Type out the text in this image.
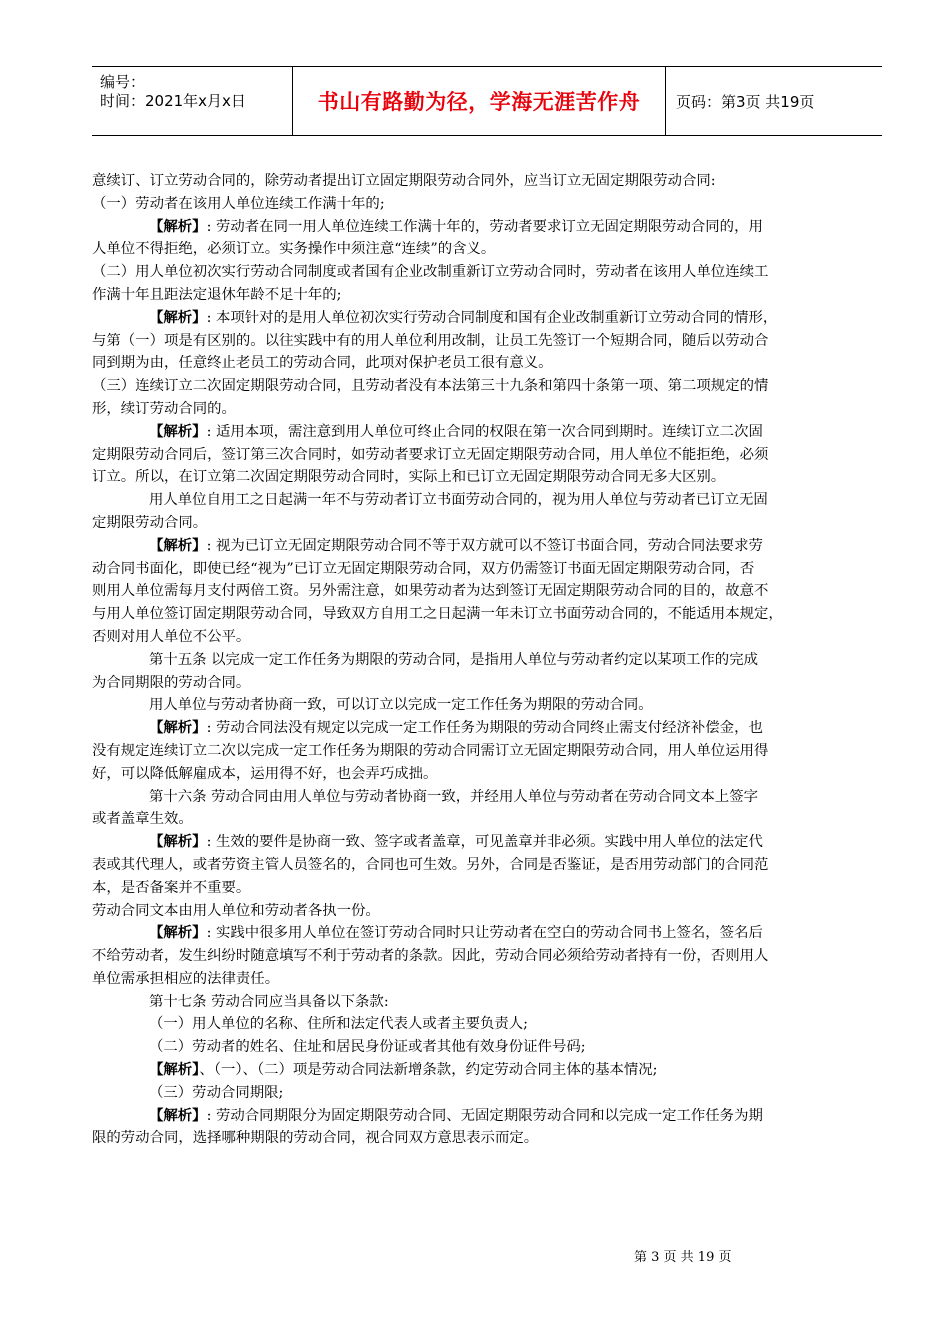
编号：
时间：2021年x月x日	书山有路勤为径，学海无涯苦作舟 页码：第3页 共19页

意续订、订立劳动合同的，除劳动者提出订立固定期限劳动合同外，应当订立无固定期限劳动合同:

（一）劳动者在该用人单位连续工作满十年的;

【解析】: 劳动者在同一用人单位连续工作满十年的，劳动者要求订立无固定期限劳动合同的，用

人单位不得拒绝，必须订立。实务操作中须注意“连续”的含义。

（二）用人单位初次实行劳动合同制度或者国有企业改制重新订立劳动合同时，劳动者在该用人单位连续工

作满十年且距法定退休年龄不足十年的;

【解析】: 本项针对的是用人单位初次实行劳动合同制度和国有企业改制重新订立劳动合同的情形，

与第（一）项是有区别的。以往实践中有的用人单位利用改制，让员工先签订一个短期合同，随后以劳动合

同到期为由，任意终止老员工的劳动合同，此项对保护老员工很有意义。

（三）连续订立二次固定期限劳动合同，且劳动者没有本法第三十九条和第四十条第一项、第二项规定的情

形，续订劳动合同的。

【解析】: 适用本项，需注意到用人单位可终止合同的权限在第一次合同到期时。连续订立二次固

定期限劳动合同后，签订第三次合同时，如劳动者要求订立无固定期限劳动合同，用人单位不能拒绝，必须

订立。所以，在订立第二次固定期限劳动合同时，实际上和已订立无固定期限劳动合同无多大区别。

用人单位自用工之日起满一年不与劳动者订立书面劳动合同的，视为用人单位与劳动者已订立无固

定期限劳动合同。

【解析】: 视为已订立无固定期限劳动合同不等于双方就可以不签订书面合同，劳动合同法要求劳

动合同书面化，即使已经“视为”已订立无固定期限劳动合同，双方仍需签订书面无固定期限劳动合同，否

则用人单位需每月支付两倍工资。另外需注意，如果劳动者为达到签订无固定期限劳动合同的目的，故意不

与用人单位签订固定期限劳动合同，导致双方自用工之日起满一年未订立书面劳动合同的，不能适用本规定，

否则对用人单位不公平。

第十五条 以完成一定工作任务为期限的劳动合同，是指用人单位与劳动者约定以某项工作的完成

为合同期限的劳动合同。

用人单位与劳动者协商一致，可以订立以完成一定工作任务为期限的劳动合同。

【解析】: 劳动合同法没有规定以完成一定工作任务为期限的劳动合同终止需支付经济补偿金，也

没有规定连续订立二次以完成一定工作任务为期限的劳动合同需订立无固定期限劳动合同，用人单位运用得

好，可以降低解雇成本，运用得不好，也会弄巧成拙。

第十六条 劳动合同由用人单位与劳动者协商一致，并经用人单位与劳动者在劳动合同文本上签字

或者盖章生效。

【解析】: 生效的要件是协商一致、签字或者盖章，可见盖章并非必须。实践中用人单位的法定代

表或其代理人，或者劳资主管人员签名的，合同也可生效。另外，合同是否鉴证，是否用劳动部门的合同范

本，是否备案并不重要。

劳动合同文本由用人单位和劳动者各执一份。

【解析】: 实践中很多用人单位在签订劳动合同时只让劳动者在空白的劳动合同书上签名，签名后

不给劳动者，发生纠纷时随意填写不利于劳动者的条款。因此，劳动合同必须给劳动者持有一份，否则用人

单位需承担相应的法律责任。

第十七条 劳动合同应当具备以下条款:

（一）用人单位的名称、住所和法定代表人或者主要负责人;

（二）劳动者的姓名、住址和居民身份证或者其他有效身份证件号码;

【解析】、（一）、（二）项是劳动合同法新增条款，约定劳动合同主体的基本情况;

（三）劳动合同期限;

【解析】: 劳动合同期限分为固定期限劳动合同、无固定期限劳动合同和以完成一定工作任务为期

限的劳动合同，选择哪种期限的劳动合同，视合同双方意思表示而定。

第 3 页 共 19 页
